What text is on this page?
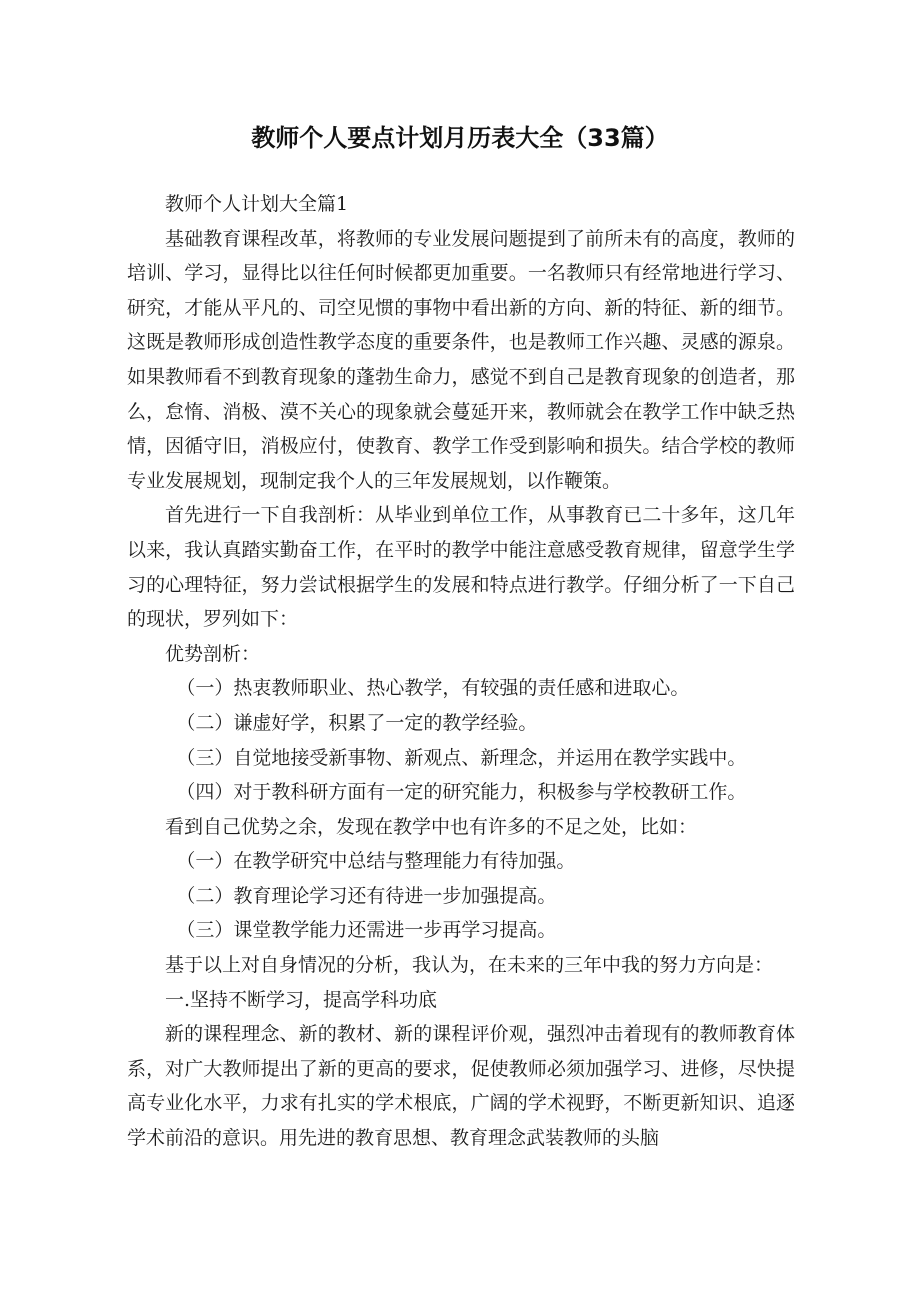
教师个人要点计划月历表大全（33篇）

教师个人计划大全篇1

基础教育课程改革，将教师的专业发展问题提到了前所未有的高度，教师的培训、学习，显得比以往任何时候都更加重要。一名教师只有经常地进行学习、研究，才能从平凡的、司空见惯的事物中看出新的方向、新的特征、新的细节。这既是教师形成创造性教学态度的重要条件，也是教师工作兴趣、灵感的源泉。如果教师看不到教育现象的蓬勃生命力，感觉不到自己是教育现象的创造者，那么，怠惰、消极、漠不关心的现象就会蔓延开来，教师就会在教学工作中缺乏热情，因循守旧，消极应付，使教育、教学工作受到影响和损失。结合学校的教师专业发展规划，现制定我个人的三年发展规划，以作鞭策。

首先进行一下自我剖析：从毕业到单位工作，从事教育已二十多年，这几年以来，我认真踏实勤奋工作，在平时的教学中能注意感受教育规律，留意学生学习的心理特征，努力尝试根据学生的发展和特点进行教学。仔细分析了一下自己的现状，罗列如下：

优势剖析：

（一）热衷教师职业、热心教学，有较强的责任感和进取心。

（二）谦虚好学，积累了一定的教学经验。

（三）自觉地接受新事物、新观点、新理念，并运用在教学实践中。

（四）对于教科研方面有一定的研究能力，积极参与学校教研工作。

看到自己优势之余，发现在教学中也有许多的不足之处，比如：

（一）在教学研究中总结与整理能力有待加强。

（二）教育理论学习还有待进一步加强提高。

（三）课堂教学能力还需进一步再学习提高。

基于以上对自身情况的分析，我认为，在未来的三年中我的努力方向是：

一.坚持不断学习，提高学科功底

新的课程理念、新的教材、新的课程评价观，强烈冲击着现有的教师教育体系，对广大教师提出了新的更高的要求，促使教师必须加强学习、进修，尽快提高专业化水平，力求有扎实的学术根底，广阔的学术视野，不断更新知识、追逐学术前沿的意识。用先进的教育思想、教育理念武装教师的头脑
